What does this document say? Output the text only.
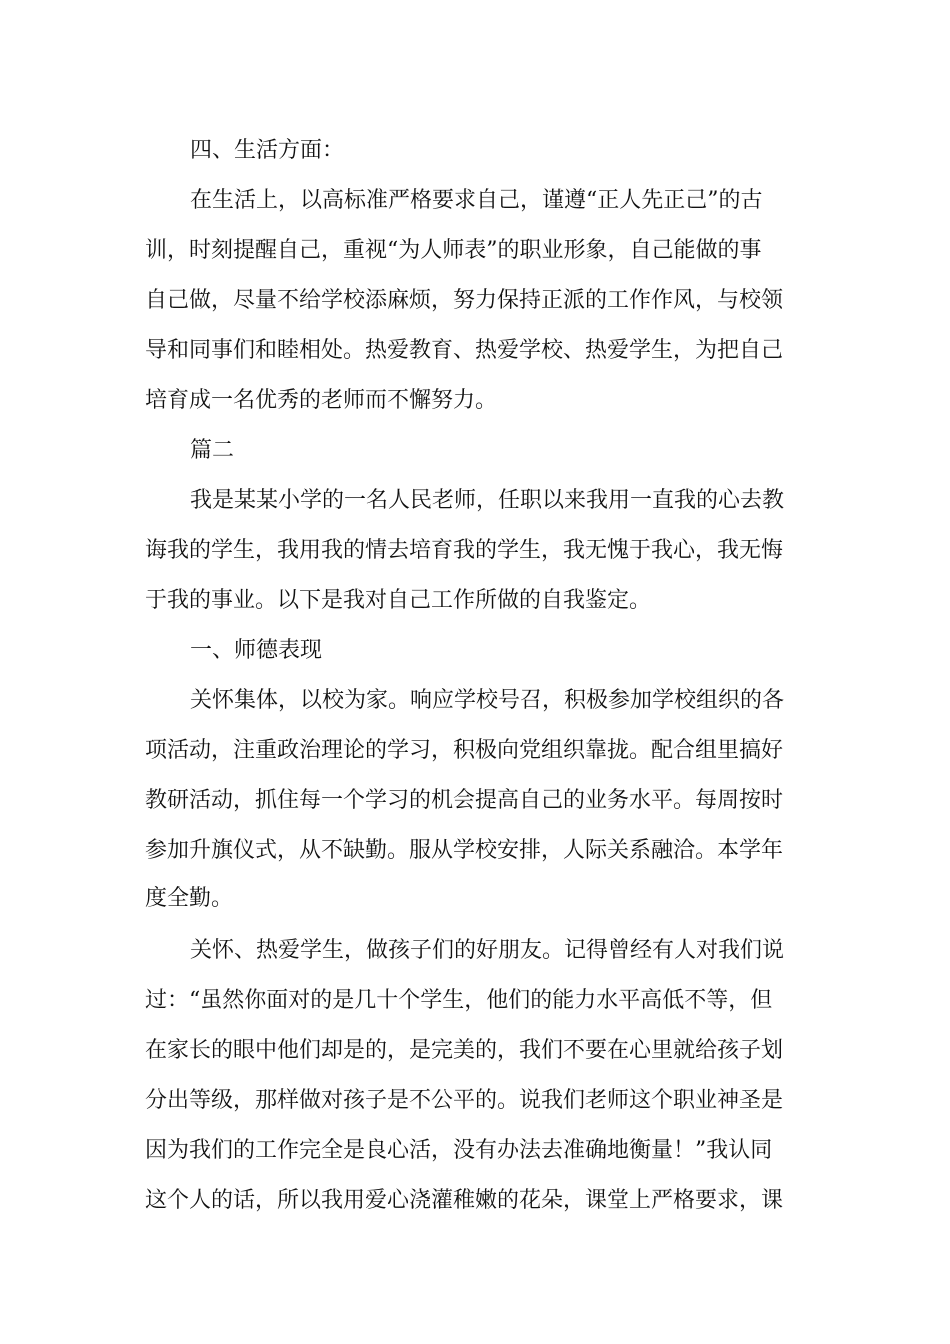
四、生活方面：
在生活上，以高标准严格要求自己，谨遵“正人先正己”的古
训，时刻提醒自己，重视“为人师表”的职业形象，自己能做的事
自己做，尽量不给学校添麻烦，努力保持正派的工作作风，与校领
导和同事们和睦相处。热爱教育、热爱学校、热爱学生，为把自己
培育成一名优秀的老师而不懈努力。
篇二
我是某某小学的一名人民老师，任职以来我用一直我的心去教
诲我的学生，我用我的情去培育我的学生，我无愧于我心，我无悔
于我的事业。以下是我对自己工作所做的自我鉴定。
一、师德表现
关怀集体，以校为家。响应学校号召，积极参加学校组织的各
项活动，注重政治理论的学习，积极向党组织靠拢。配合组里搞好
教研活动，抓住每一个学习的机会提高自己的业务水平。每周按时
参加升旗仪式，从不缺勤。服从学校安排，人际关系融洽。本学年
度全勤。
关怀、热爱学生，做孩子们的好朋友。记得曾经有人对我们说
过：“虽然你面对的是几十个学生，他们的能力水平高低不等，但
在家长的眼中他们却是的，是完美的，我们不要在心里就给孩子划
分出等级，那样做对孩子是不公平的。说我们老师这个职业神圣是
因为我们的工作完全是良心活，没有办法去准确地衡量！”我认同
这个人的话，所以我用爱心浇灌稚嫩的花朵，课堂上严格要求，课
